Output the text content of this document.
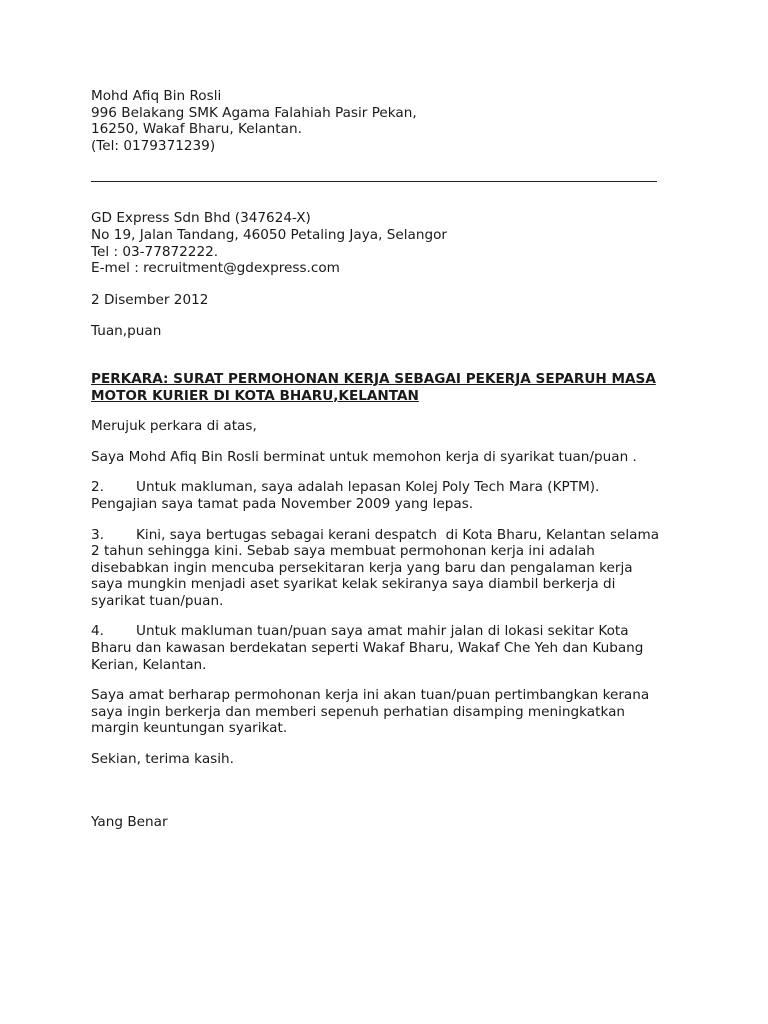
Mohd Afiq Bin Rosli
996 Belakang SMK Agama Falahiah Pasir Pekan,
16250, Wakaf Bharu, Kelantan.
(Tel: 0179371239)
GD Express Sdn Bhd (347624-X)
No 19, Jalan Tandang, 46050 Petaling Jaya, Selangor
Tel : 03-77872222.
E-mel : recruitment@gdexpress.com

2 Disember 2012

Tuan,puan

PERKARA: SURAT PERMOHONAN KERJA SEBAGAI PEKERJA SEPARUH MASA
MOTOR KURIER DI KOTA BHARU,KELANTAN

Merujuk perkara di atas,

Saya Mohd Afiq Bin Rosli berminat untuk memohon kerja di syarikat tuan/puan .

2. Untuk makluman, saya adalah lepasan Kolej Poly Tech Mara (KPTM).
Pengajian saya tamat pada November 2009 yang lepas.
3. Kini, saya bertugas sebagai kerani despatch  di Kota Bharu, Kelantan selama
2 tahun sehingga kini. Sebab saya membuat permohonan kerja ini adalah
disebabkan ingin mencuba persekitaran kerja yang baru dan pengalaman kerja
saya mungkin menjadi aset syarikat kelak sekiranya saya diambil berkerja di
syarikat tuan/puan.
4. Untuk makluman tuan/puan saya amat mahir jalan di lokasi sekitar Kota
Bharu dan kawasan berdekatan seperti Wakaf Bharu, Wakaf Che Yeh dan Kubang
Kerian, Kelantan.
Saya amat berharap permohonan kerja ini akan tuan/puan pertimbangkan kerana
saya ingin berkerja dan memberi sepenuh perhatian disamping meningkatkan
margin keuntungan syarikat.

Sekian, terima kasih.

Yang Benar
